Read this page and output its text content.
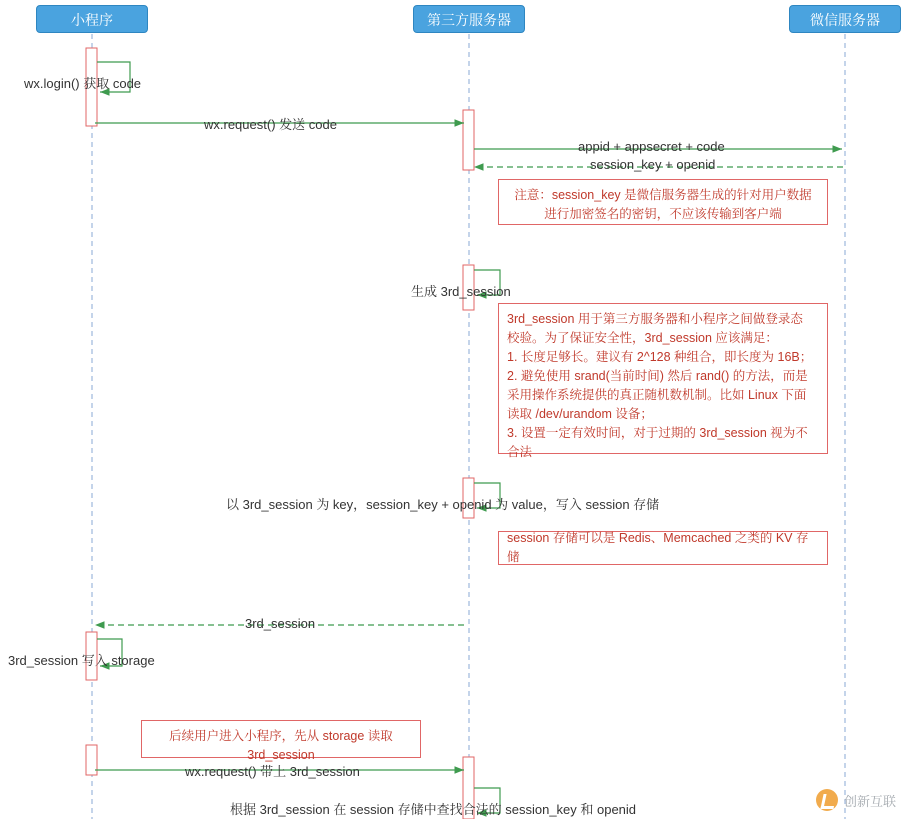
小程序	第三方服务器	微信服务器
wx.login() 获取 code
wx.request() 发送 code
appid + appsecret + code
session_key + openid
生成 3rd_session
以 3rd_session 为 key，session_key + openid 为 value，写入 session 存储
3rd_session
3rd_session 写入 storage
wx.request() 带上 3rd_session
根据 3rd_session 在 session 存储中查找合法的 session_key 和 openid
注意：session_key 是微信服务器生成的针对用户数据
进行加密签名的密钥，不应该传输到客户端
3rd_session 用于第三方服务器和小程序之间做登录态
校验。为了保证安全性，3rd_session 应该满足：
1. 长度足够长。建议有 2^128 种组合，即长度为 16B；
2. 避免使用 srand(当前时间) 然后 rand() 的方法，而是
采用操作系统提供的真正随机数机制。比如 Linux 下面
读取 /dev/urandom 设备；
3. 设置一定有效时间，对于过期的 3rd_session 视为不
合法
session 存储可以是 Redis、Memcached 之类的 KV 存储
后续用户进入小程序，先从 storage 读取
3rd_session
创新互联
